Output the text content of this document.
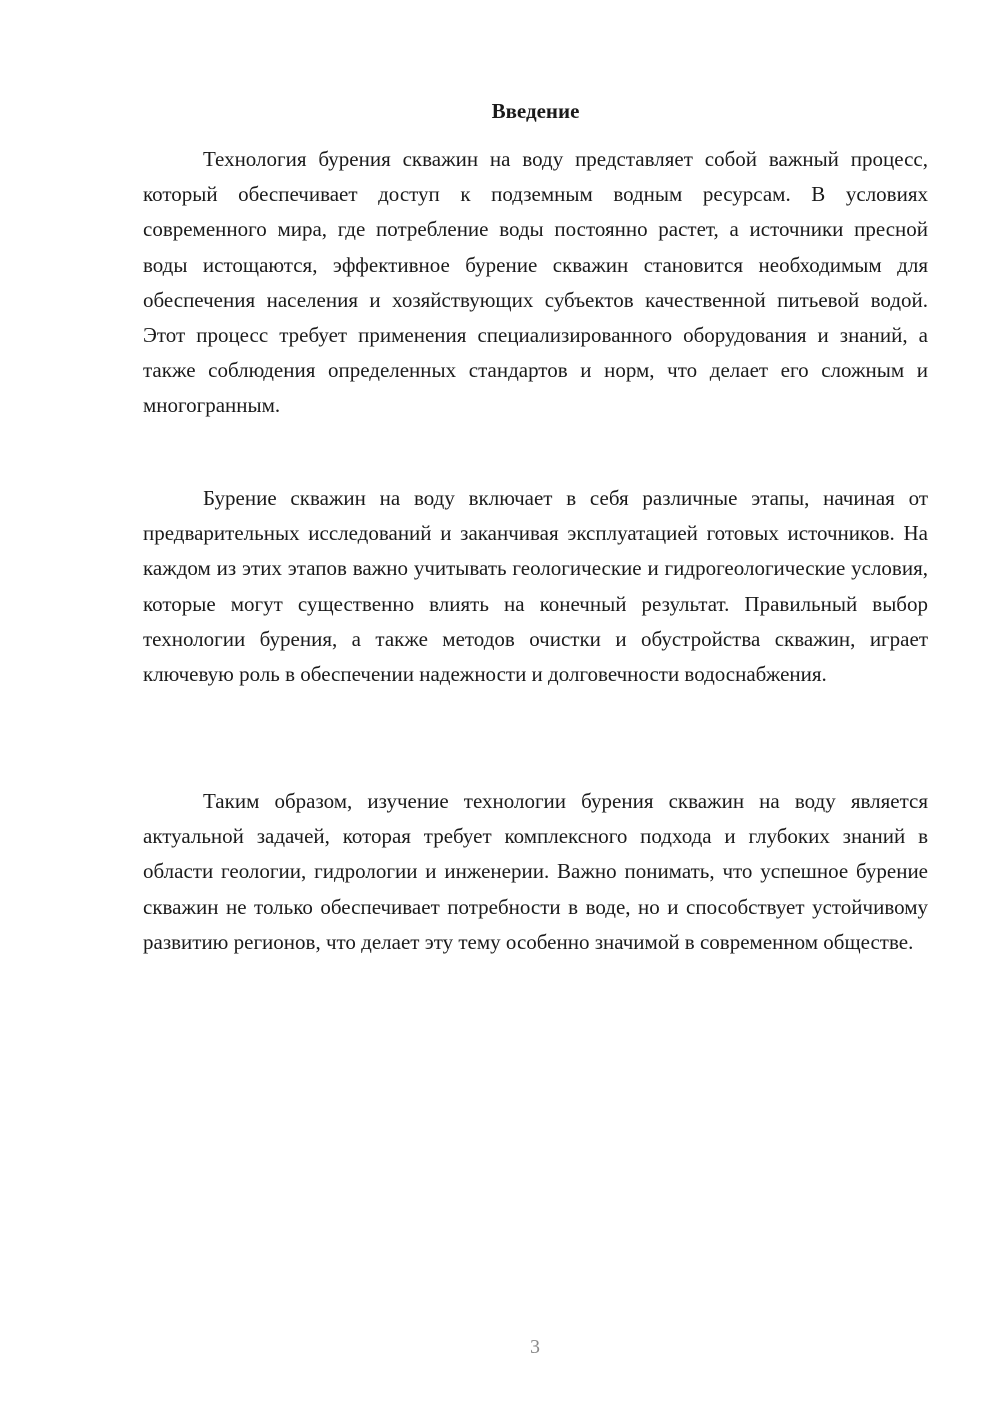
Введение

Технология бурения скважин на воду представляет собой важный процесс, который обеспечивает доступ к подземным водным ресурсам. В условиях современного мира, где потребление воды постоянно растет, а источники пресной воды истощаются, эффективное бурение скважин становится необходимым для обеспечения населения и хозяйствующих субъектов качественной питьевой водой. Этот процесс требует применения специализированного оборудования и знаний, а также соблюдения определенных стандартов и норм, что делает его сложным и многогранным.

Бурение скважин на воду включает в себя различные этапы, начиная от предварительных исследований и заканчивая эксплуатацией готовых источников. На каждом из этих этапов важно учитывать геологические и гидрогеологические условия, которые могут существенно влиять на конечный результат. Правильный выбор технологии бурения, а также методов очистки и обустройства скважин, играет ключевую роль в обеспечении надежности и долговечности водоснабжения.

Таким образом, изучение технологии бурения скважин на воду является актуальной задачей, которая требует комплексного подхода и глубоких знаний в области геологии, гидрологии и инженерии. Важно понимать, что успешное бурение скважин не только обеспечивает потребности в воде, но и способствует устойчивому развитию регионов, что делает эту тему особенно значимой в современном обществе.

3
